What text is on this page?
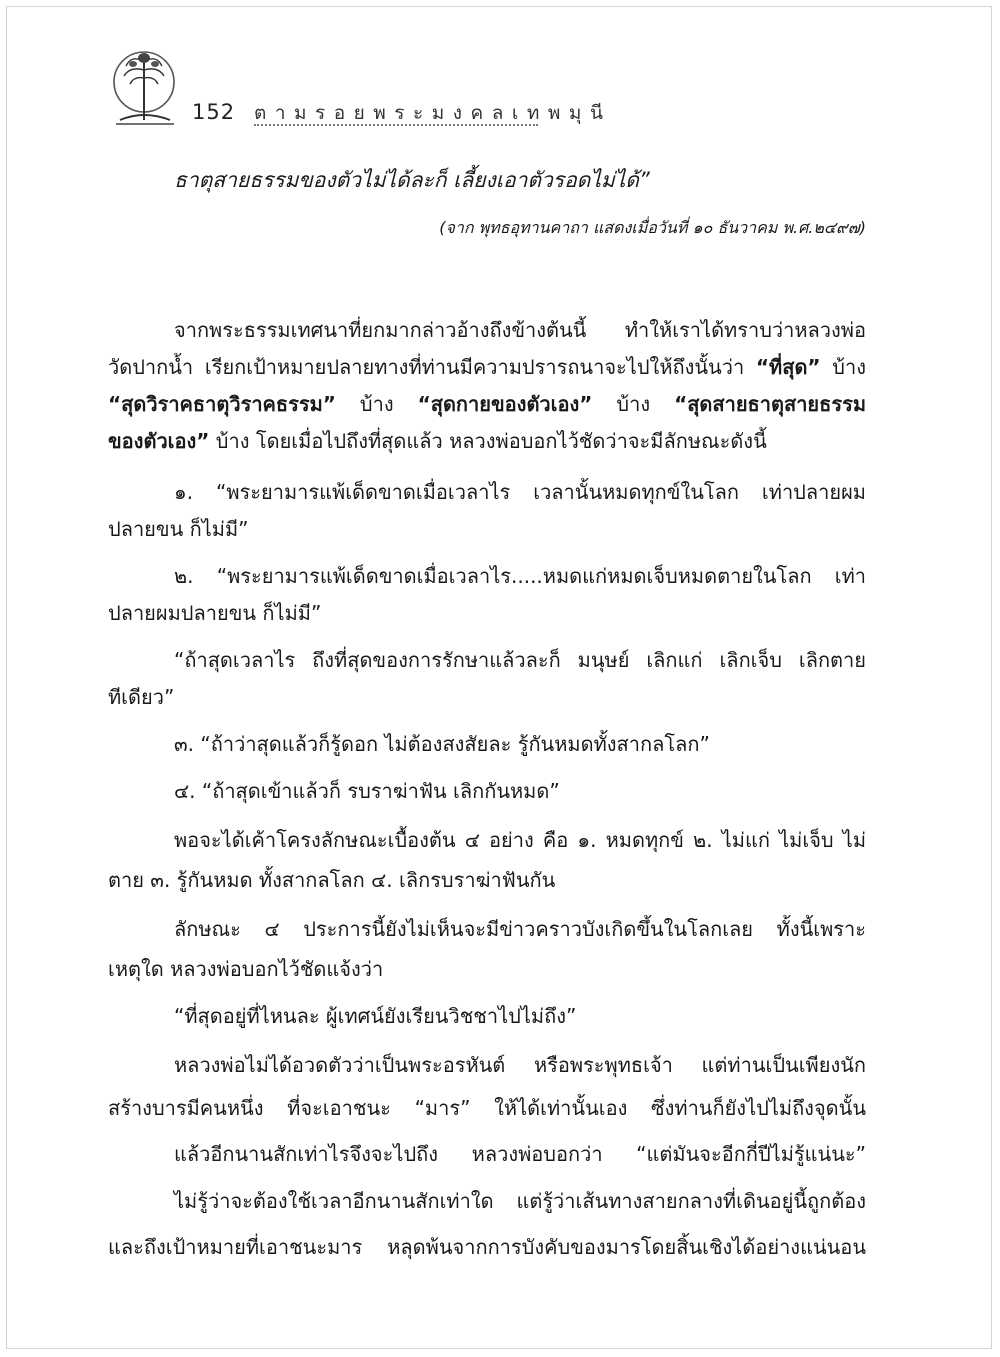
152 ตามรอยพระมงคลเทพมุนี
ธาตุสายธรรมของตัวไม่ได้ละก็ เลี้ยงเอาตัวรอดไม่ได้”
(จาก พุทธอุทานคาถา แสดงเมื่อวันที่ ๑๐ ธันวาคม พ.ศ.๒๔๙๗)
จากพระธรรมเทศนาที่ยกมากล่าวอ้างถึงข้างต้นนี้ ทำให้เราได้ทราบว่าหลวงพ่อ
วัดปากน้ำ เรียกเป้าหมายปลายทางที่ท่านมีความปรารถนาจะไปให้ถึงนั้นว่า “ที่สุด” บ้าง
“สุดวิราคธาตุวิราคธรรม” บ้าง “สุดกายของตัวเอง” บ้าง “สุดสายธาตุสายธรรม
ของตัวเอง” บ้าง โดยเมื่อไปถึงที่สุดแล้ว หลวงพ่อบอกไว้ชัดว่าจะมีลักษณะดังนี้
๑. “พระยามารแพ้เด็ดขาดเมื่อเวลาไร เวลานั้นหมดทุกข์ในโลก เท่าปลายผม
ปลายขน ก็ไม่มี”
๒. “พระยามารแพ้เด็ดขาดเมื่อเวลาไร.....หมดแก่หมดเจ็บหมดตายในโลก เท่า
ปลายผมปลายขน ก็ไม่มี”
“ถ้าสุดเวลาไร ถึงที่สุดของการรักษาแล้วละก็ มนุษย์ เลิกแก่ เลิกเจ็บ เลิกตาย
ทีเดียว”
๓. “ถ้าว่าสุดแล้วก็รู้ดอก ไม่ต้องสงสัยละ รู้กันหมดทั้งสากลโลก”
๔. “ถ้าสุดเข้าแล้วก็ รบราฆ่าฟัน เลิกกันหมด”
พอจะได้เค้าโครงลักษณะเบื้องต้น ๔ อย่าง คือ ๑. หมดทุกข์ ๒. ไม่แก่ ไม่เจ็บ ไม่
ตาย ๓. รู้กันหมด ทั้งสากลโลก ๔. เลิกรบราฆ่าฟันกัน
ลักษณะ ๔ ประการนี้ยังไม่เห็นจะมีข่าวคราวบังเกิดขึ้นในโลกเลย ทั้งนี้เพราะ
เหตุใด หลวงพ่อบอกไว้ชัดแจ้งว่า
“ที่สุดอยู่ที่ไหนละ ผู้เทศน์ยังเรียนวิชชาไปไม่ถึง”
หลวงพ่อไม่ได้อวดตัวว่าเป็นพระอรหันต์ หรือพระพุทธเจ้า แต่ท่านเป็นเพียงนัก
สร้างบารมีคนหนึ่ง ที่จะเอาชนะ “มาร” ให้ได้เท่านั้นเอง ซึ่งท่านก็ยังไปไม่ถึงจุดนั้น
แล้วอีกนานสักเท่าไรจึงจะไปถึง หลวงพ่อบอกว่า “แต่มันจะอีกกี่ปีไม่รู้แน่นะ”
ไม่รู้ว่าจะต้องใช้เวลาอีกนานสักเท่าใด แต่รู้ว่าเส้นทางสายกลางที่เดินอยู่นี้ถูกต้อง
และถึงเป้าหมายที่เอาชนะมาร หลุดพ้นจากการบังคับของมารโดยสิ้นเชิงได้อย่างแน่นอน
